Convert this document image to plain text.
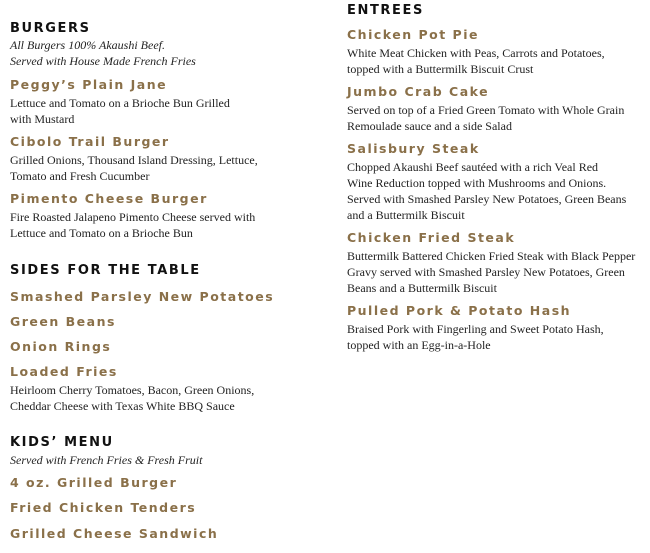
BURGERS
All Burgers 100% Akaushi Beef.
Served with House Made French Fries
Peggy’s Plain Jane
Lettuce and Tomato on a Brioche Bun Grilled
with Mustard
Cibolo Trail Burger
Grilled Onions, Thousand Island Dressing, Lettuce,
Tomato and Fresh Cucumber
Pimento Cheese Burger
Fire Roasted Jalapeno Pimento Cheese served with
Lettuce and Tomato on a Brioche Bun
SIDES FOR THE TABLE
Smashed Parsley New Potatoes
Green Beans
Onion Rings
Loaded Fries
Heirloom Cherry Tomatoes, Bacon, Green Onions,
Cheddar Cheese with Texas White BBQ Sauce
KIDS’ MENU
Served with French Fries & Fresh Fruit
4 oz. Grilled Burger
Fried Chicken Tenders
Grilled Cheese Sandwich
ENTREES
Chicken Pot Pie
White Meat Chicken with Peas, Carrots and Potatoes,
topped with a Buttermilk Biscuit Crust
Jumbo Crab Cake
Served on top of a Fried Green Tomato with Whole Grain
Remoulade sauce and a side Salad
Salisbury Steak
Chopped Akaushi Beef sautéed with a rich Veal Red
Wine Reduction topped with Mushrooms and Onions.
Served with Smashed Parsley New Potatoes, Green Beans
and a Buttermilk Biscuit
Chicken Fried Steak
Buttermilk Battered Chicken Fried Steak with Black Pepper
Gravy served with Smashed Parsley New Potatoes, Green
Beans and a Buttermilk Biscuit
Pulled Pork & Potato Hash
Braised Pork with Fingerling and Sweet Potato Hash,
topped with an Egg-in-a-Hole
